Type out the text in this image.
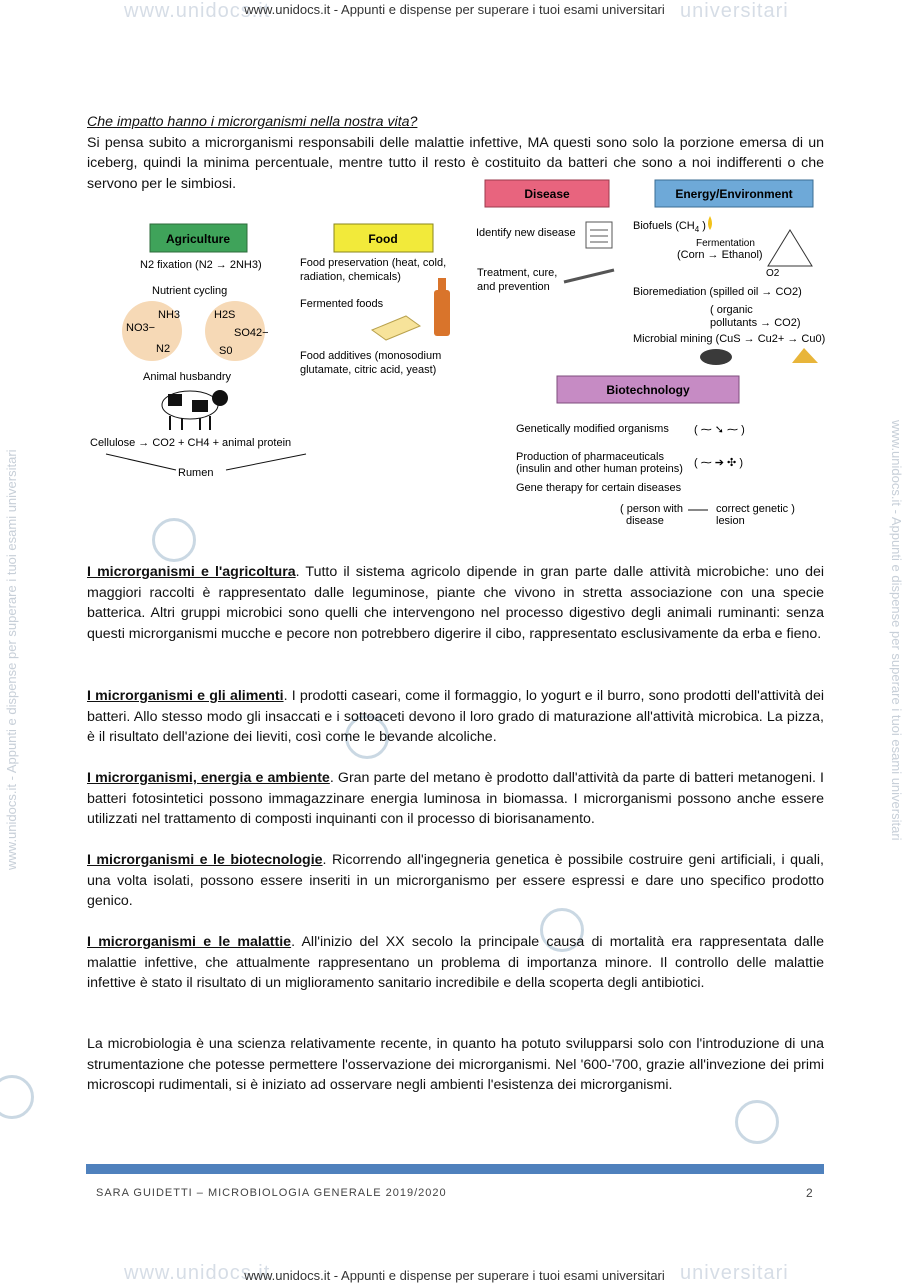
www.unidocs.it	universitari
www.unidocs.it - Appunti e dispense per superare i tuoi esami universitari
www.unidocs.it	universitari
www.unidocs.it - Appunti e dispense per superare i tuoi esami universitari
www.unidocs.it - Appunti e dispense per superare i tuoi esami universitari	www.unidocs.it - Appunti e dispense per superare i tuoi esami universitari

Che impatto hanno i microrganismi nella nostra vita?

Si pensa subito a microrganismi responsabili delle malattie infettive, MA questi sono solo la porzione emersa di un iceberg, quindi la minima percentuale, mentre tutto il resto è costituito da batteri che sono a noi indifferenti o che servono per le simbiosi.

Agriculture
N2 fixation (N2 → 2NH3)
Nutrient cycling
NH3
NO3−
N2
H2S
SO42−
S0
Animal husbandry
Cellulose → CO2 + CH4 + animal protein
Rumen
Food
Food preservation (heat, cold,
radiation, chemicals)
Fermented foods
Food additives (monosodium
glutamate, citric acid, yeast)
Disease
Identify new disease
Treatment, cure,
and prevention
Energy/Environment
Biofuels ($CH_4$ )
Fermentation
(Corn → Ethanol)
O2
Bioremediation (spilled oil → CO2)
( organic
pollutants → CO2)
Microbial mining (CuS → Cu2+ → Cu0)
Biotechnology
Genetically modified organisms ( ⁓ ➘ ⁓ )
Production of pharmaceuticals
(insulin and other human proteins) ( ⁓ ➔ ✣ )
Gene therapy for certain diseases
( person with
disease
correct genetic )
lesion
I microrganismi e l'agricoltura. Tutto il sistema agricolo dipende in gran parte dalle attività microbiche: uno dei maggiori raccolti è rappresentato dalle leguminose, piante che vivono in stretta associazione con una specie batterica. Altri gruppi microbici sono quelli che intervengono nel processo digestivo degli animali ruminanti: senza questi microrganismi mucche e pecore non potrebbero digerire il cibo, rappresentato esclusivamente da erba e fieno.
I microrganismi e gli alimenti. I prodotti caseari, come il formaggio, lo yogurt e il burro, sono prodotti dell'attività dei batteri. Allo stesso modo gli insaccati e i sottoaceti devono il loro grado di maturazione all'attività microbica. La pizza, è il risultato dell'azione dei lieviti, così come le bevande alcoliche.
I microrganismi, energia e ambiente. Gran parte del metano è prodotto dall'attività da parte di batteri metanogeni. I batteri fotosintetici possono immagazzinare energia luminosa in biomassa. I microrganismi possono anche essere utilizzati nel trattamento di composti inquinanti con il processo di biorisanamento.
I microrganismi e le biotecnologie. Ricorrendo all'ingegneria genetica è possibile costruire geni artificiali, i quali, una volta isolati, possono essere inseriti in un microrganismo per essere espressi e dare uno specifico prodotto genico.
I microrganismi e le malattie. All'inizio del XX secolo la principale causa di mortalità era rappresentata dalle malattie infettive, che attualmente rappresentano un problema di importanza minore. Il controllo delle malattie infettive è stato il risultato di un miglioramento sanitario incredibile e della scoperta degli antibiotici.
La microbiologia è una scienza relativamente recente, in quanto ha potuto svilupparsi solo con l'introduzione di una strumentazione che potesse permettere l'osservazione dei microrganismi. Nel '600-'700, grazie all'invezione dei primi microscopi rudimentali, si è iniziato ad osservare negli ambienti l'esistenza dei microrganismi.
SARA GUIDETTI – MICROBIOLOGIA GENERALE 2019/2020	2
